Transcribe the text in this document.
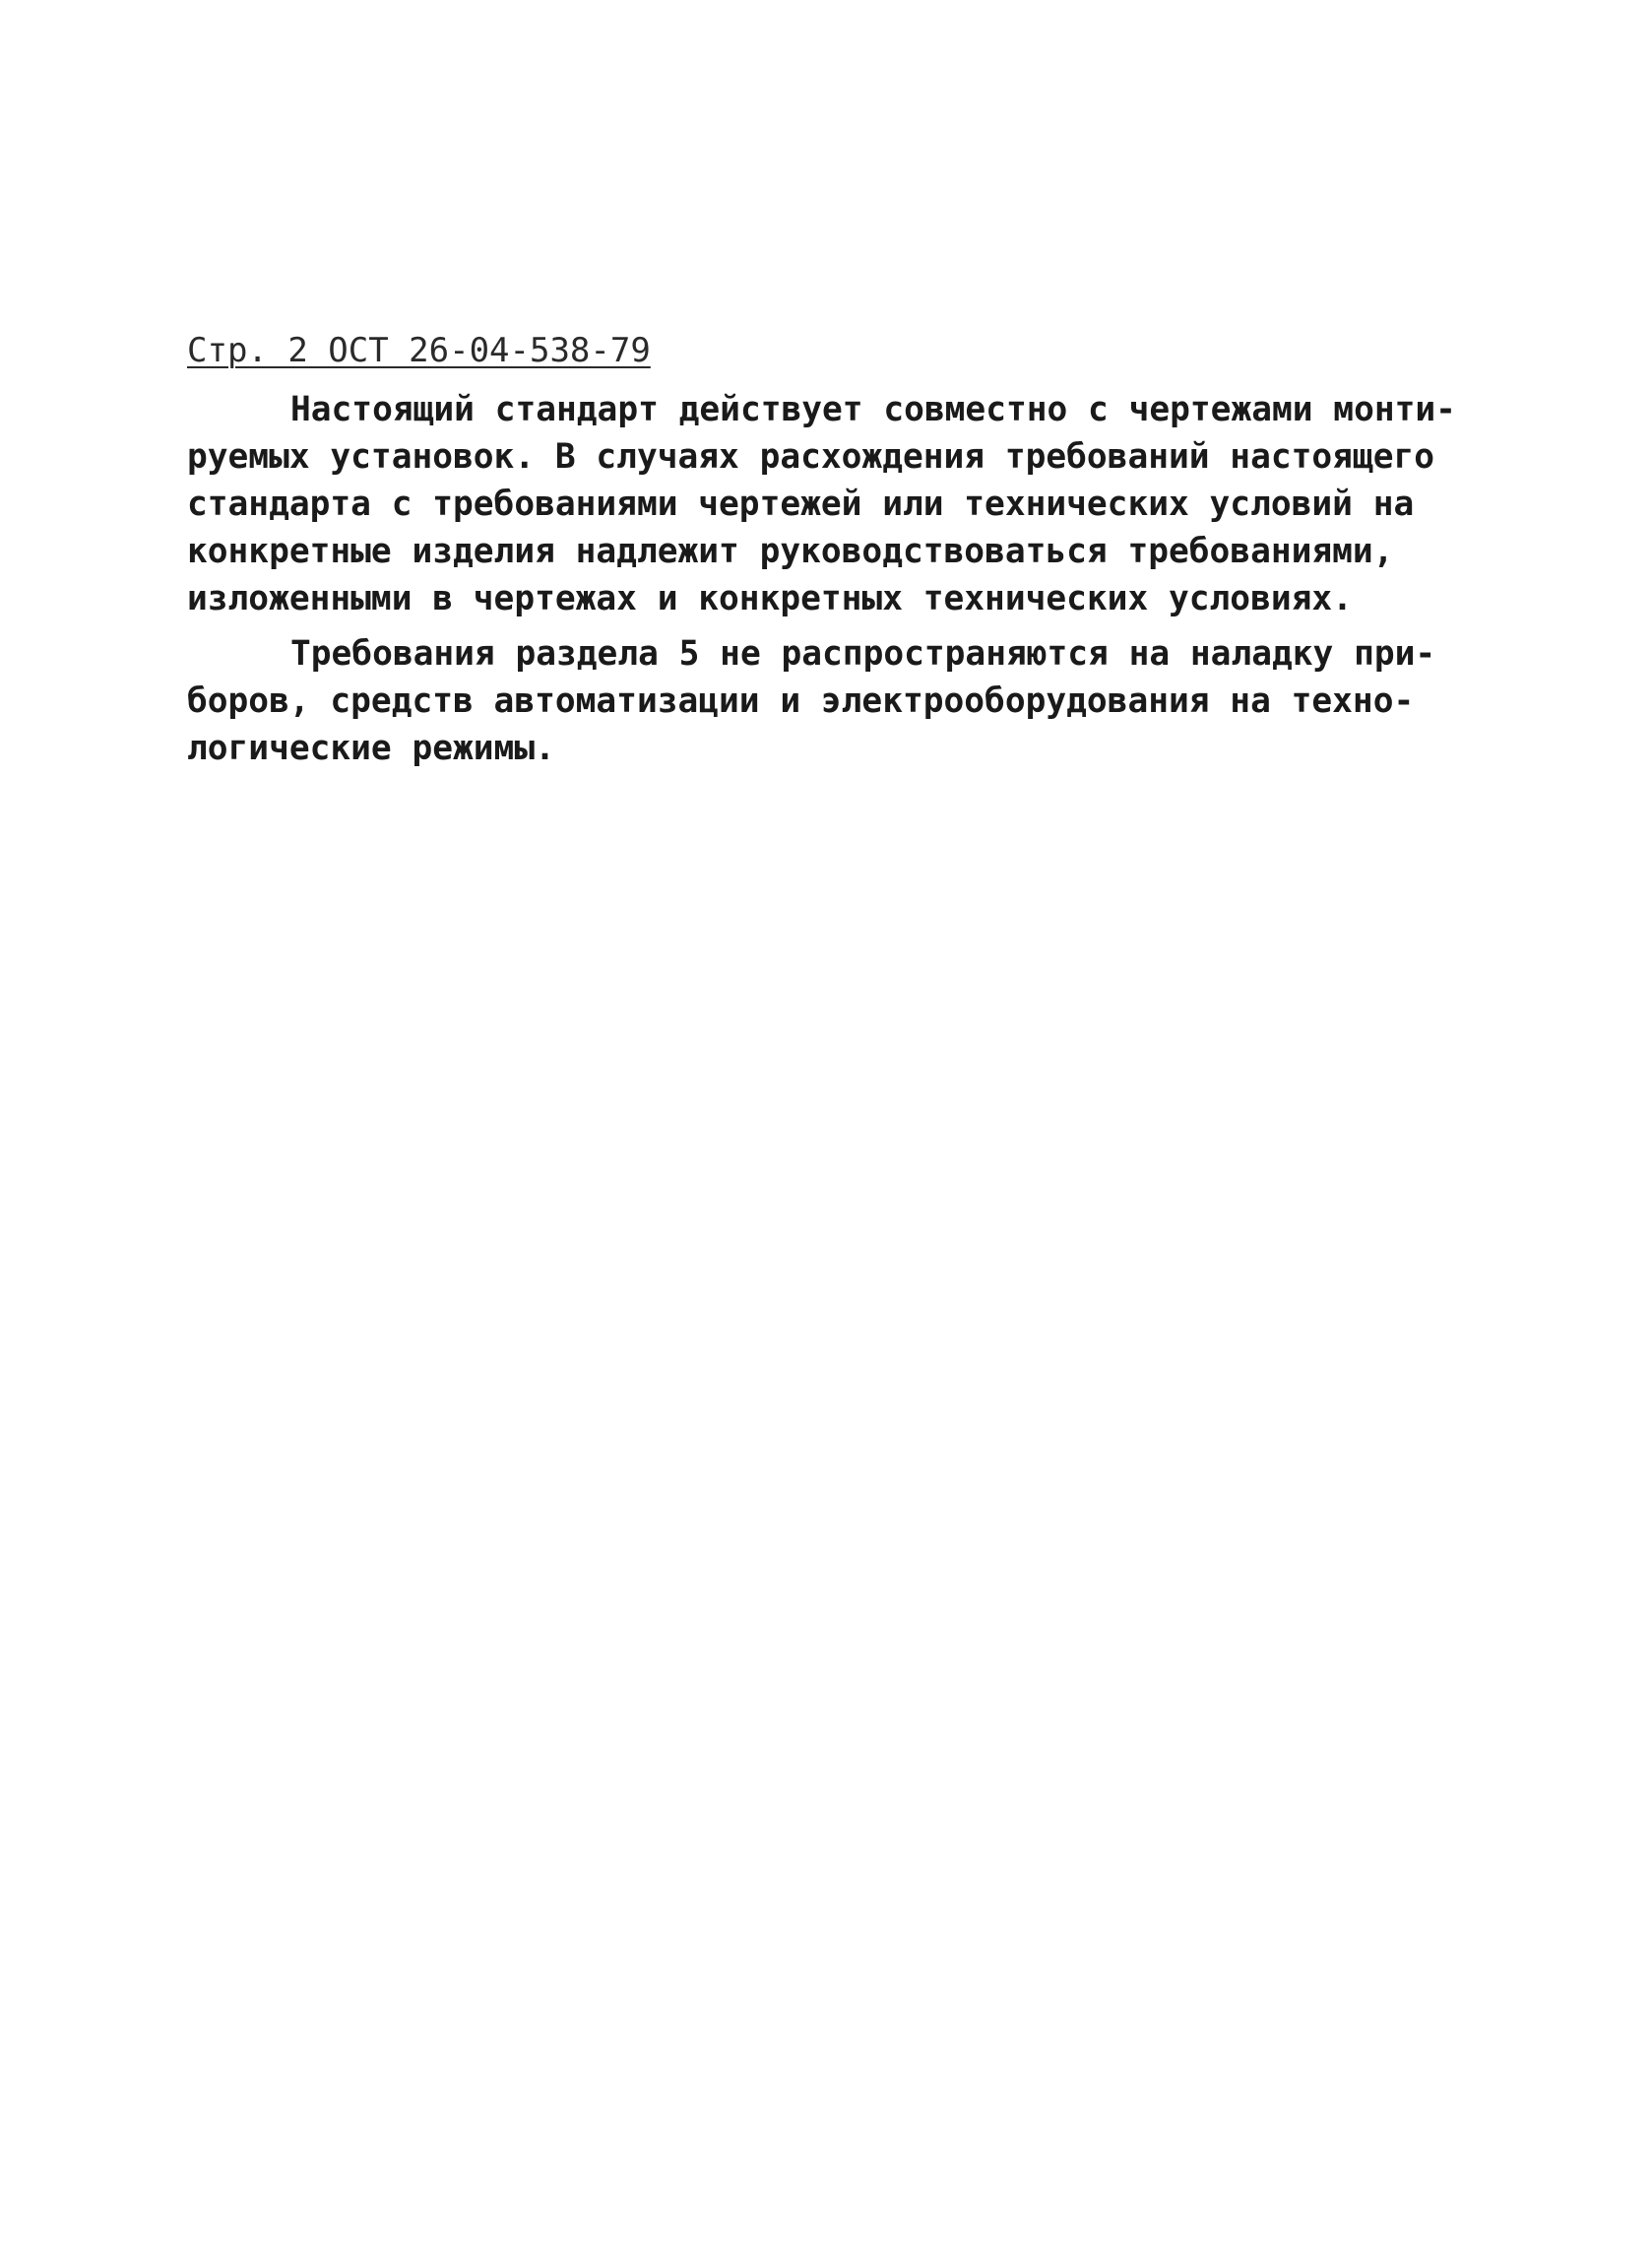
Стр. 2 ОСТ 26-04-538-79
Настоящий стандарт действует совместно с чертежами монти-
руемых установок. В случаях расхождения требований настоящего
стандарта с требованиями чертежей или технических условий на
конкретные изделия надлежит руководствоваться требованиями,
изложенными в чертежах и конкретных технических условиях.
Требования раздела 5 не распространяются на наладку при-
боров, средств автоматизации и электрооборудования на техно-
логические режимы.
